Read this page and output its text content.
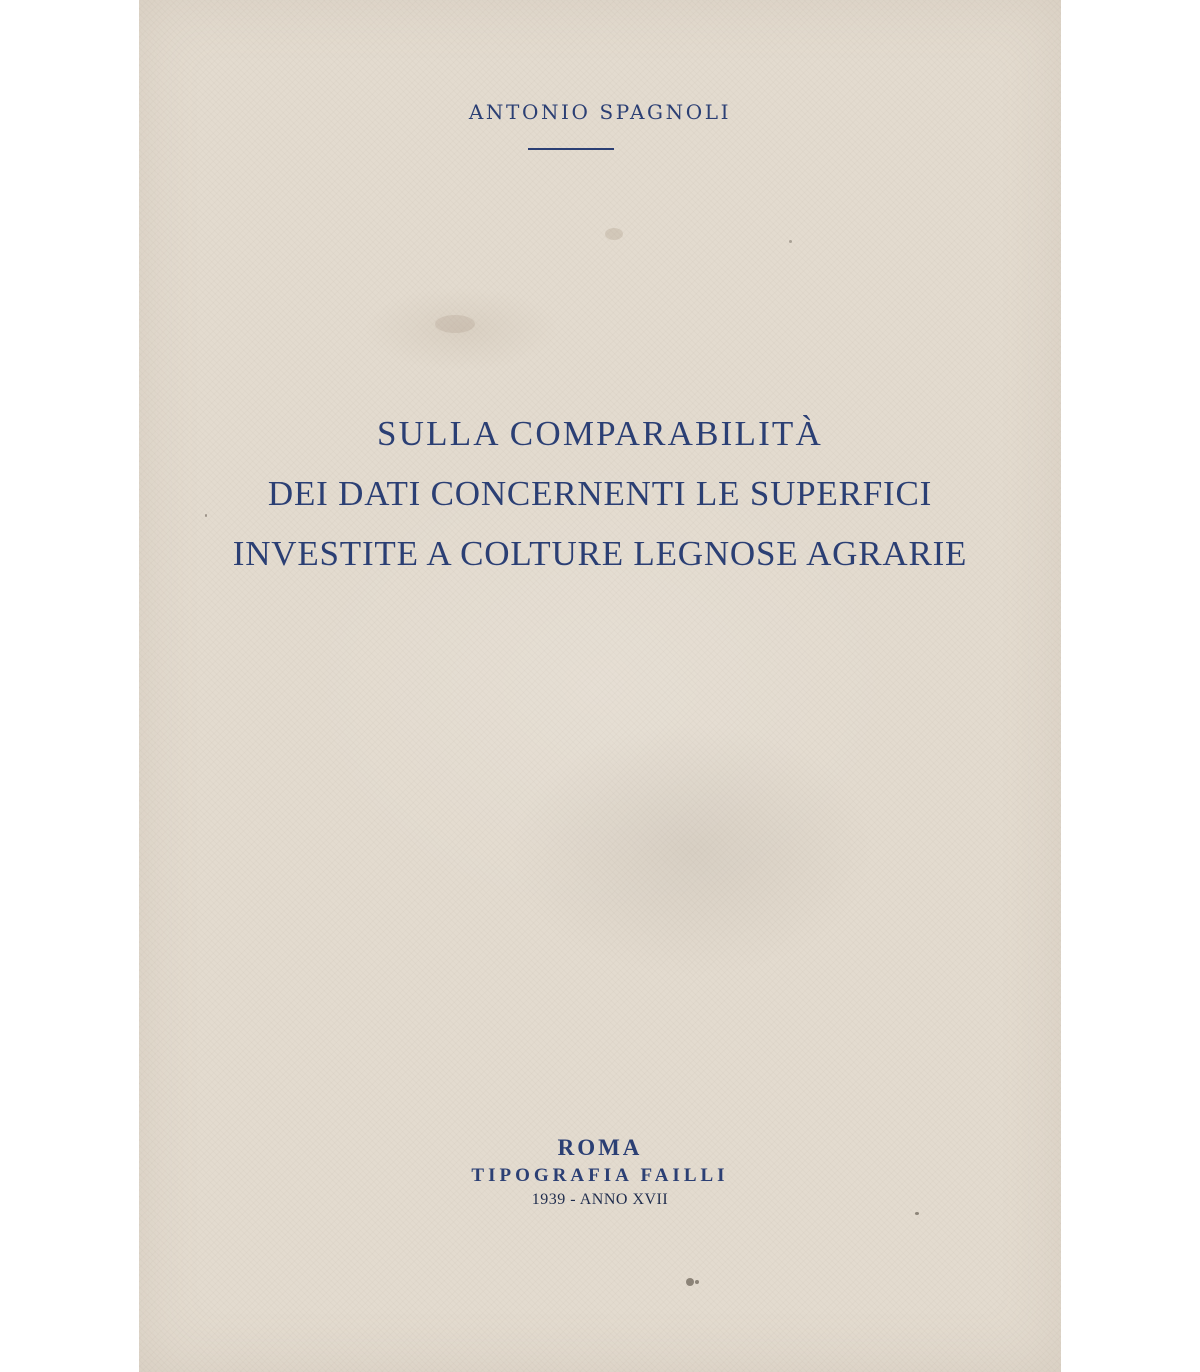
ANTONIO SPAGNOLI
SULLA COMPARABILITÀ
DEI DATI CONCERNENTI LE SUPERFICI
INVESTITE A COLTURE LEGNOSE AGRARIE
ROMA
TIPOGRAFIA FAILLI
1939 - ANNO XVII
